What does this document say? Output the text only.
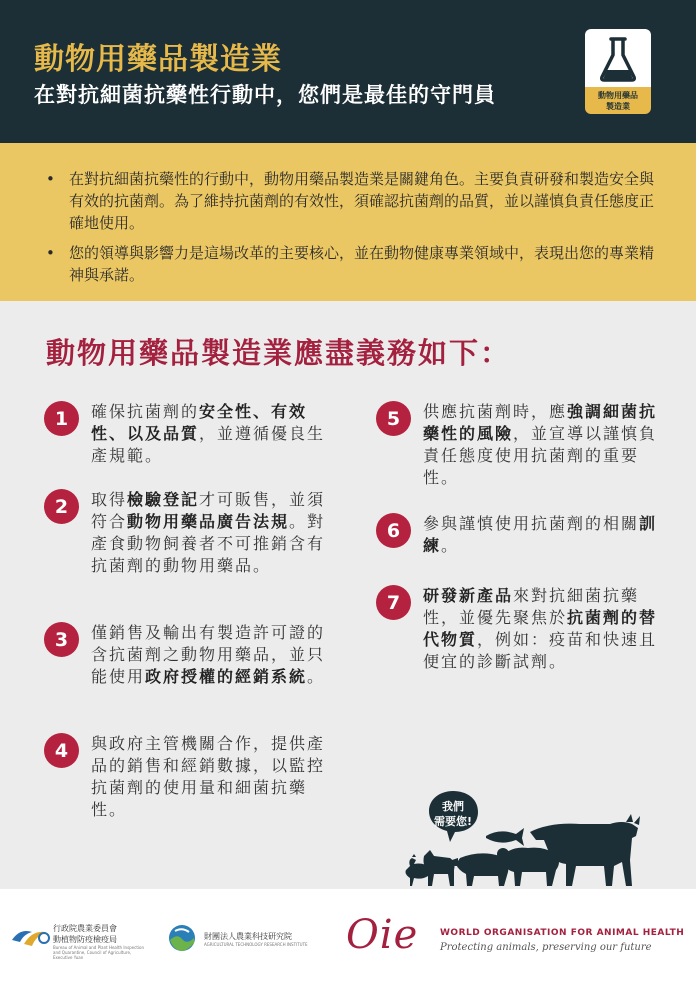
動物用藥品製造業
在對抗細菌抗藥性行動中，您們是最佳的守門員	動物用藥品
製造業
• 在對抗細菌抗藥性的行動中，動物用藥品製造業是關鍵角色。主要負責研發和製造安全與有效的抗菌劑。為了維持抗菌劑的有效性，須確認抗菌劑的品質，並以謹慎負責任態度正確地使用。
• 您的領導與影響力是這場改革的主要核心，並在動物健康專業領域中，表現出您的專業精神與承諾。
動物用藥品製造業應盡義務如下：
1	確保抗菌劑的安全性、有效性、以及品質，並遵循優良生產規範。
2	取得檢驗登記才可販售，並須符合動物用藥品廣告法規。對產食動物飼養者不可推銷含有抗菌劑的動物用藥品。
3	僅銷售及輸出有製造許可證的含抗菌劑之動物用藥品，並只能使用政府授權的經銷系統。
4	與政府主管機關合作，提供產品的銷售和經銷數據，以監控抗菌劑的使用量和細菌抗藥性。
5	供應抗菌劑時，應強調細菌抗藥性的風險，並宣導以謹慎負責任態度使用抗菌劑的重要性。
6	參與謹慎使用抗菌劑的相關訓練。
7	研發新產品來對抗細菌抗藥性，並優先聚焦於抗菌劑的替代物質，例如：疫苗和快速且便宜的診斷試劑。
我們
需要您!
行政院農業委員會
動植物防疫檢疫局
Bureau of Animal and Plant Health Inspection and Quarantine, Council of Agriculture, Executive Yuan
財團法人農業科技研究院
AGRICULTURAL TECHNOLOGY RESEARCH INSTITUTE Oie WORLD ORGANISATION FOR ANIMAL HEALTH
Protecting animals, preserving our future
